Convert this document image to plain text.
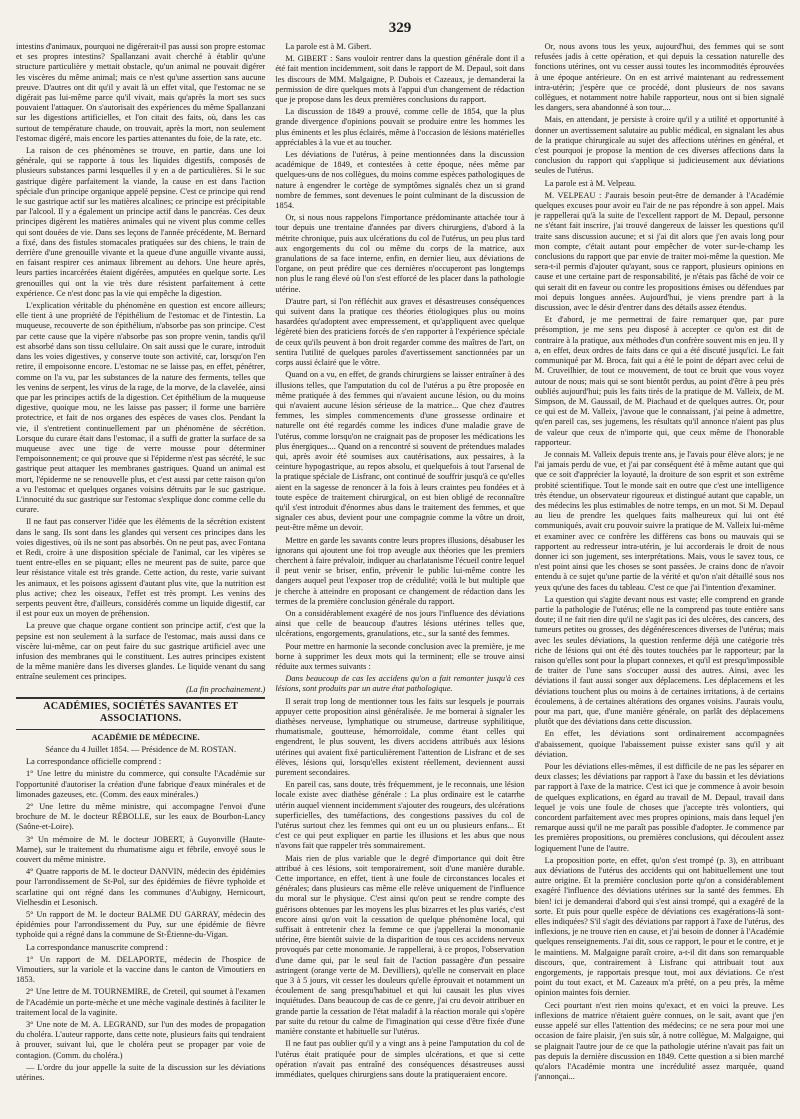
329

intestins d'animaux, pourquoi ne digérerait-il pas aussi son propre estomac et ses propres intestins? Spallanzani avait cherché à établir qu'une structure particulière y mettait obstacle, qu'un animal ne pouvait digérer les viscères du même animal; mais ce n'est qu'une assertion sans aucune preuve. D'autres ont dit qu'il y avait là un effet vital, que l'estomac ne se digérait pas lui-même parce qu'il vivait, mais qu'après la mort ses sucs pouvaient l'attaquer. On s'autorisait des expériences du même Spallanzani sur les digestions artificielles, et l'on citait des faits, où, dans les cas surtout de température chaude, on trouvait, après la mort, non seulement l'estomac digéré, mais encore les parties attenantes du foie, de la rate, etc.

La raison de ces phénomènes se trouve, en partie, dans une loi générale, qui se rapporte à tous les liquides digestifs, composés de plusieurs substances parmi lesquelles il y en a de particulières. Si le suc gastrique digère parfaitement la viande, la cause en est dans l'action spéciale d'un principe organique appelé pepsine. C'est ce principe qui rend le suc gastrique actif sur les matières alcalines; ce principe est précipitable par l'alcool. Il y a également un principe actif dans le pancréas. Ces deux principes digèrent les matières animales qui ne vivent plus comme celles qui sont douées de vie. Dans ses leçons de l'année précédente, M. Bernard a fixé, dans des fistules stomacales pratiquées sur des chiens, le train de derrière d'une grenouille vivante et la queue d'une anguille vivante aussi, en faisant respirer ces animaux librement au dehors. Une heure après, leurs parties incarcérées étaient digérées, amputées en quelque sorte. Les grenouilles qui ont la vie très dure résistent parfaitement à cette expérience. Ce n'est donc pas la vie qui empêche la digestion.

L'explication véritable du phénomène en question est encore ailleurs; elle tient à une propriété de l'épithélium de l'estomac et de l'intestin. La muqueuse, recouverte de son épithélium, n'absorbe pas son principe. C'est par cette cause que la vipère n'absorbe pas son propre venin, tandis qu'il est absorbé dans son tissu cellulaire. On sait aussi que le curare, introduit dans les voies digestives, y conserve toute son activité, car, lorsqu'on l'en retire, il empoisonne encore. L'estomac ne se laisse pas, en effet, pénétrer, comme on l'a vu, par les substances de la nature des ferments, telles que les venins de serpent, les virus de la rage, de la morve, de la clavelée, ainsi que par les principes actifs de la digestion. Cet épithélium de la muqueuse digestive, quoique mou, ne les laisse pas passer; il forme une barrière protectrice, et fait de nos organes des espèces de vases clos. Pendant la vie, il s'entretient continuellement par un phénomène de sécrétion. Lorsque du curare était dans l'estomac, il a suffi de gratter la surface de sa muqueuse avec une tige de verre mousse pour déterminer l'empoisonnement; ce qui prouve que si l'épiderme n'est pas sécrété, le suc gastrique peut attaquer les membranes gastriques. Quand un animal est mort, l'épiderme ne se renouvelle plus, et c'est aussi par cette raison qu'on a vu l'estomac et quelques organes voisins détruits par le suc gastrique. L'innocuité du suc gastrique sur l'estomac s'explique donc comme celle du curare.

Il ne faut pas conserver l'idée que les éléments de la sécrétion existent dans le sang. Ils sont dans les glandes qui versent ces principes dans les voies digestives, où ils ne sont pas absorbés. On ne peut pas, avec Fontana et Redi, croire à une disposition spéciale de l'animal, car les vipères se tuent entre-elles en se piquant; elles ne meurent pas de suite, parce que leur résistance vitale est très grande. Cette action, du reste, varie suivant les animaux, et les poisons agissent d'autant plus vite, que la nutrition est plus active; chez les oiseaux, l'effet est très prompt. Les venins des serpents peuvent être, d'ailleurs, considérés comme un liquide digestif, car il est pour eux un moyen de préhension.

La preuve que chaque organe contient son principe actif, c'est que la pepsine est non seulement à la surface de l'estomac, mais aussi dans ce viscère lui-même, car on peut faire du suc gastrique artificiel avec une infusion des membranes qui le constituent. Les autres principes existent de la même manière dans les diverses glandes. Le liquide venant du sang entraîne seulement ces principes.

(La fin prochainement.)

ACADÉMIES, SOCIÉTÉS SAVANTES ET ASSOCIATIONS.

ACADÉMIE DE MÉDECINE.

Séance du 4 Juillet 1854. — Présidence de M. ROSTAN.

La correspondance officielle comprend :

1° Une lettre du ministre du commerce, qui consulte l'Académie sur l'opportunité d'autoriser la création d'une fabrique d'eaux minérales et de limonades gazeuses, etc. (Comm. des eaux minérales.)

2° Une lettre du même ministre, qui accompagne l'envoi d'une brochure de M. le docteur RÉBOLLE, sur les eaux de Bourbon-Lancy (Saône-et-Loire).

3° Un mémoire de M. le docteur JOBERT, à Guyonville (Haute-Marne), sur le traitement du rhumatisme aigu et fébrile, envoyé sous le couvert du même ministre.

4° Quatre rapports de M. le docteur DANVIN, médecin des épidémies pour l'arrondissement de St-Pol, sur des épidémies de fièvre typhoïde et scarlatine qui ont régné dans les communes d'Aubigny, Hernicourt, Vielhesdin et Lesonisch.

5° Un rapport de M. le docteur BALME DU GARRAY, médecin des épidémies pour l'arrondissement du Puy, sur une épidémie de fièvre typhoïde qui a régné dans la commune de St-Étienne-du-Vigan.

La correspondance manuscrite comprend :

1° Un rapport de M. DELAPORTE, médecin de l'hospice de Vimoutiers, sur la variole et la vaccine dans le canton de Vimoutiers en 1853.

2° Une lettre de M. TOURNEMIRE, de Creteil, qui soumet à l'examen de l'Académie un porte-mèche et une mèche vaginale destinés à faciliter le traitement local de la vaginite.

3° Une note de M. A. LEGRAND, sur l'un des modes de propagation du choléra. L'auteur rapporte, dans cette note, plusieurs faits qui tendraient à prouver, suivant lui, que le choléra peut se propager par voie de contagion. (Comm. du choléra.)

— L'ordre du jour appelle la suite de la discussion sur les déviations utérines.

La parole est à M. Gibert.

M. GIBERT : Sans vouloir rentrer dans la question générale dont il a été fait mention incidemment, soit dans le rapport de M. Depaul, soit dans les discours de MM. Malgaigne, P. Dubois et Cazeaux, je demanderai la permission de dire quelques mots à l'appui d'un changement de rédaction que je propose dans les deux premières conclusions du rapport.

La discussion de 1849 a prouvé, comme celle de 1854, que la plus grande divergence d'opinions pouvait se produire entre les hommes les plus éminents et les plus éclairés, même à l'occasion de lésions matérielles appréciables à la vue et au toucher.

Les déviations de l'utérus, à peine mentionnées dans la discussion académique de 1849, et contestées à cette époque, nées même par quelques-uns de nos collègues, du moins comme espèces pathologiques de nature à engendrer le cortège de symptômes signalés chez un si grand nombre de femmes, sont devenues le point culminant de la discussion de 1854.

Or, si nous nous rappelons l'importance prédominante attachée tour à tour depuis une trentaine d'années par divers chirurgiens, d'abord à la métrite chronique, puis aux ulcérations du col de l'utérus, un peu plus tard aux engorgements du col ou même du corps de la matrice, aux granulations de sa face interne, enfin, en dernier lieu, aux déviations de l'organe, on peut prédire que ces dernières n'occuperont pas longtemps non plus le rang élevé où l'on s'est efforcé de les placer dans la pathologie utérine.

D'autre part, si l'on réfléchit aux graves et désastreuses conséquences qui suivent dans la pratique ces théories étiologiques plus ou moins hasardées qu'adoptent avec empressement, et qu'appliquent avec quelque légèreté bien des praticiens forcés de s'en rapporter à l'expérience spéciale de ceux qu'ils peuvent à bon droit regarder comme des maîtres de l'art, on sentira l'utilité de quelques paroles d'avertissement sanctionnées par un corps aussi éclairé que le vôtre.

Quand on a vu, en effet, de grands chirurgiens se laisser entraîner à des illusions telles, que l'amputation du col de l'utérus a pu être proposée en même pratiquée à des femmes qui n'avaient aucune lésion, ou du moins qui n'avaient aucune lésion sérieuse de la matrice... Que chez d'autres femmes, les simples commencements d'une grossesse ordinaire et naturelle ont été regardés comme les indices d'une maladie grave de l'utérus, comme lorsqu'on ne craignait pas de proposer les médications les plus énergiques.... Quand on a rencontré si souvent de prétendues malades qui, après avoir été soumises aux cautérisations, aux pessaires, à la ceinture hypogastrique, au repos absolu, et quelquefois à tout l'arsenal de la pratique spéciale de Lisfranc, ont continué de souffrir jusqu'à ce qu'elles aient en la sagesse de renoncer à la fois à leurs craintes peu fondées et à toute espèce de traitement chirurgical, on est bien obligé de reconnaître qu'il s'est introduit d'énormes abus dans le traitement des femmes, et que signaler ces abus, devient pour une compagnie comme la vôtre un droit, peut-être même un devoir.

Mettre en garde les savants contre leurs propres illusions, désabuser les ignorans qui ajoutent une foi trop aveugle aux théories que les premiers cherchent à faire prévaloir, indiquer au charlatanisme l'écueil contre lequel il peut venir se briser, enfin, prévenir le public lui-même contre les dangers auquel peut l'exposer trop de crédulité; voilà le but multiple que je cherche à atteindre en proposant ce changement de rédaction dans les termes de la première conclusion générale du rapport.

On a considérablement exagéré de nos jours l'influence des déviations ainsi que celle de beaucoup d'autres lésions utérines telles que, ulcérations, engorgements, granulations, etc., sur la santé des femmes.

Pour mettre en harmonie la seconde conclusion avec la première, je me borne à supprimer les deux mots qui la terminent; elle se trouve ainsi réduite aux termes suivants :

Dans beaucoup de cas les accidens qu'on a fait remonter jusqu'à ces lésions, sont produits par un autre état pathologique.

Il serait trop long de mentionner tous les faits sur lesquels je pourrais appuyer cette proposition ainsi généralisée. Je me bornerai à signaler les diathèses nerveuse, lymphatique ou strumeuse, dartreuse syphilitique, rhumatismale, goutteuse, hémorroïdale, comme étant celles qui engendrent, le plus souvent, les divers accidens attribués aux lésions utérines qui avaient fixé particulièrement l'attention de Lisfranc et de ses élèves, lésions qui, lorsqu'elles existent réellement, deviennent aussi purement secondaires.

En pareil cas, sans doute, très fréquemment, je le reconnais, une lésion locale existe avec diathèse générale : La plus ordinaire est le catarrhe utérin auquel viennent incidemment s'ajouter des rougeurs, des ulcérations superficielles, des tuméfactions, des congestions passives du col de l'utérus surtout chez les femmes qui ont eu un ou plusieurs enfans... Et c'est ce qui peut expliquer en partie les illusions et les abus que nous n'avons fait que rappeler très sommairement.

Mais rien de plus variable que le degré d'importance qui doit être attribué à ces lésions, soit temporairement, soit d'une manière durable. Cette importance, en effet, tient à une foule de circonstances locales et générales; dans plusieurs cas même elle relève uniquement de l'influence du moral sur le physique. C'est ainsi qu'on peut se rendre compte des guérisons obtenues par les moyens les plus bizarres et les plus variés, c'est encore ainsi qu'on voit la cessation de quelque phénomène local, qui suffisait à entretenir chez la femme ce que j'appellerai la monomanie utérine, être bientôt suivie de la disparition de tous ces accidens nerveux provoqués par cette monomanie. Je rappellerai, à ce propos, l'observation d'une dame qui, par le seul fait de l'action passagère d'un pessaire astringent (orange verte de M. Devilliers), qu'elle ne conservait en place que 3 à 5 jours, vit cesser les douleurs qu'elle éprouvait et notamment un écoulement de sang presqu'habituel et qui lui causait les plus vives inquiétudes. Dans beaucoup de cas de ce genre, j'ai cru devoir attribuer en grande partie la cessation de l'état maladif à la réaction morale qui s'opère par suite du retour du calme de l'imagination qui cesse d'être fixée d'une manière constante et habituelle sur l'utérus.

Il ne faut pas oublier qu'il y a vingt ans à peine l'amputation du col de l'utérus était pratiquée pour de simples ulcérations, et que si cette opération n'avait pas entraîné des conséquences désastreuses aussi immédiates, quelques chirurgiens sans doute la pratiqueraient encore.

Or, nous avons tous les yeux, aujourd'hui, des femmes qui se sont refusées jadis à cette opération, et qui depuis la cessation naturelle des fonctions utérines, ont vu cesser aussi toutes les incommodités éprouvées à une époque antérieure. On en est arrivé maintenant au redressement intra-utérin; j'espère que ce procédé, dont plusieurs de nos savans collègues, et notamment notre habile rapporteur, nous ont si bien signalé les dangers, sera abandonné à son tour....

Mais, en attendant, je persiste à croire qu'il y a utilité et opportunité à donner un avertissement salutaire au public médical, en signalant les abus de la pratique chirurgicale au sujet des affections utérines en général, et c'est pourquoi je propose la mention de ces diverses affections dans la conclusion du rapport qui s'applique si judicieusement aux déviations seules de l'utérus.

La parole est à M. Velpeau.

M. VELPEAU : J'aurais besoin peut-être de demander à l'Académie quelques excuses pour avoir eu l'air de ne pas répondre à son appel. Mais je rappellerai qu'à la suite de l'excellent rapport de M. Depaul, personne ne s'étant fait inscrire, j'ai trouvé dangereux de laisser les questions qu'il traite sans discussion aucune; et si j'ai dit alors que j'en avais long pour mon compte, c'était autant pour empêcher de voter sur-le-champ les conclusions du rapport que par envie de traiter moi-même la question. Me sera-t-il permis d'ajouter qu'ayant, sous ce rapport, plusieurs opinions en cause et une certaine part de responsabilité, je n'étais pas fâché de voir ce qui serait dit en faveur ou contre les propositions émises ou défendues par moi depuis longues années. Aujourd'hui, je viens prendre part à la discussion, avec le désir d'entrer dans des détails assez étendus.

Et d'abord, je me permettrai de faire remarquer que, par pure présomption, je me sens peu disposé à accepter ce qu'on est dit de contraire à la pratique, aux méthodes d'un confrère souvent mis en jeu. Il y a, en effet, deux ordres de faits dans ce qui a été discuté jusqu'ici. Le fait communiqué par M. Broca, fait qui a été le point de départ avec celui de M. Cruveilhier, de tout ce mouvement, de tout ce bruit que vous voyez autour de nous; mais qui se sont bientôt perdus, au point d'être à peu près oubliés aujourd'hui; puis les faits tirés de la pratique de M. Valleix, de M. Simpson, de M. Gaussail, de M. Piachaud et de quelques autres. Or, pour ce qui est de M. Valleix, j'avoue que le connaissant, j'ai peine à admettre, qu'en pareil cas, ses jugemens, les résultats qu'il annonce n'aient pas plus de valeur que ceux de n'importe qui, que ceux même de l'honorable rapporteur.

Je connais M. Valleix depuis trente ans, je l'avais pour élève alors; je ne l'ai jamais perdu de vue, et j'ai par conséquent été à même autant que qui que ce soit d'apprécier la loyauté, la droiture de son esprit et son extrême probité scientifique. Tout le monde sait en outre que c'est une intelligence très étendue, un observateur rigoureux et distingué autant que capable, un des médecins les plus estimables de notre temps, en un mot. Si M. Depaul au lieu de prendre les quelques faits malheureux qui lui ont été communiqués, avait cru pouvoir suivre la pratique de M. Valleix lui-même et examiner avec ce confrère les différens cas bons ou mauvais qui se rapportent au redresseur intra-utérin, je lui accorderais le droit de nous donner ici son jugement, ses interprétations. Mais, vous le savez tous, ce n'est point ainsi que les choses se sont passées. Je crains donc de n'avoir entendu à ce sujet qu'une partie de la vérité et qu'on n'ait détaillé sous nos yeux qu'une des faces du tableau. C'est ce que j'ai l'intention d'examiner.

La question qui s'agite devant nous est vaste; elle comprend en grande partie la pathologie de l'utérus; elle ne la comprend pas toute entière sans doute; il ne fait rien dire qu'il ne s'agit pas ici des ulcères, des cancers, des tumeurs petites ou grosses, des dégénérescences diverses de l'utérus; mais avec les seules déviations, la question renferme déjà une catégorie très riche de lésions qui ont été dès toutes touchées par le rapporteur; par la raison qu'elles sont pour la plupart connexes, et qu'il est presqu'impossible de traiter de l'une sans s'occuper aussi des autres. Ainsi, avec les déviations il faut aussi songer aux déplacemens. Les déplacemens et les déviations touchent plus ou moins à de certaines irritations, à de certains écoulemens, à de certaines altérations des organes voisins. J'aurais voulu, pour ma part, que, d'une manière générale, on parlât des déplacemens plutôt que des déviations dans cette discussion.

En effet, les déviations sont ordinairement accompagnées d'abaissement, quoique l'abaissement puisse exister sans qu'il y ait déviation.

Pour les déviations elles-mêmes, il est difficile de ne pas les séparer en deux classes; les déviations par rapport à l'axe du bassin et les déviations par rapport à l'axe de la matrice. C'est ici que je commence à avoir besoin de quelques explications, en égard au travail de M. Depaul, travail dans lequel je vois une foule de choses que j'accepte très volontiers, qui concordent parfaitement avec mes propres opinions, mais dans lequel j'en remarque aussi qu'il ne me paraît pas possible d'adopter. Je commence par les premières propositions, ou premières conclusions, qui découlent assez logiquement l'une de l'autre.

La proposition porte, en effet, qu'on s'est trompé (p. 3), en attribuant aux déviations de l'utérus des accidents qui ont habituellement une tout autre origine. Et la première conclusion porte qu'on a considérablement exagéré l'influence des déviations utérines sur la santé des femmes. Eh bien! ici je demanderai d'abord qui s'est ainsi trompé, qui a exagéré de la sorte. Et puis pour quelle espèce de déviations ces exagérations-là sont-elles indiquées? S'il s'agit des déviations par rapport à l'axe de l'utérus, des inflexions, je ne trouve rien en cause, et j'ai besoin de donner à l'Académie quelques renseignements. J'ai dit, sous ce rapport, le pour et le contre, et je le maintiens. M. Malgaigne paraît croire, a-t-il dit dans son remarquable discours, que, contrairement à Lisfranc qui attribuait tout aux engorgements, je rapportais presque tout, moi aux déviations. Ce n'est point du tout exact, et M. Cazeaux m'a prêté, on a peu près, la même opinion maintes fois dernier.

Ceci pourtant n'est rien moins qu'exact, et en voici la preuve. Les inflexions de matrice n'étaient guère connues, on le sait, avant que j'en eusse appelé sur elles l'attention des médecins; ce ne sera pour moi une occasion de faire plaisir, j'en suis sûr, à notre collègue, M. Malgaigne, qui se plaignait l'autre jour de ce que la pathologie utérine n'avait pas fait un pas depuis la dernière discussion en 1849. Cette question a si bien marché qu'alors l'Académie montra une incrédulité assez marquée, quand j'annonçai...
